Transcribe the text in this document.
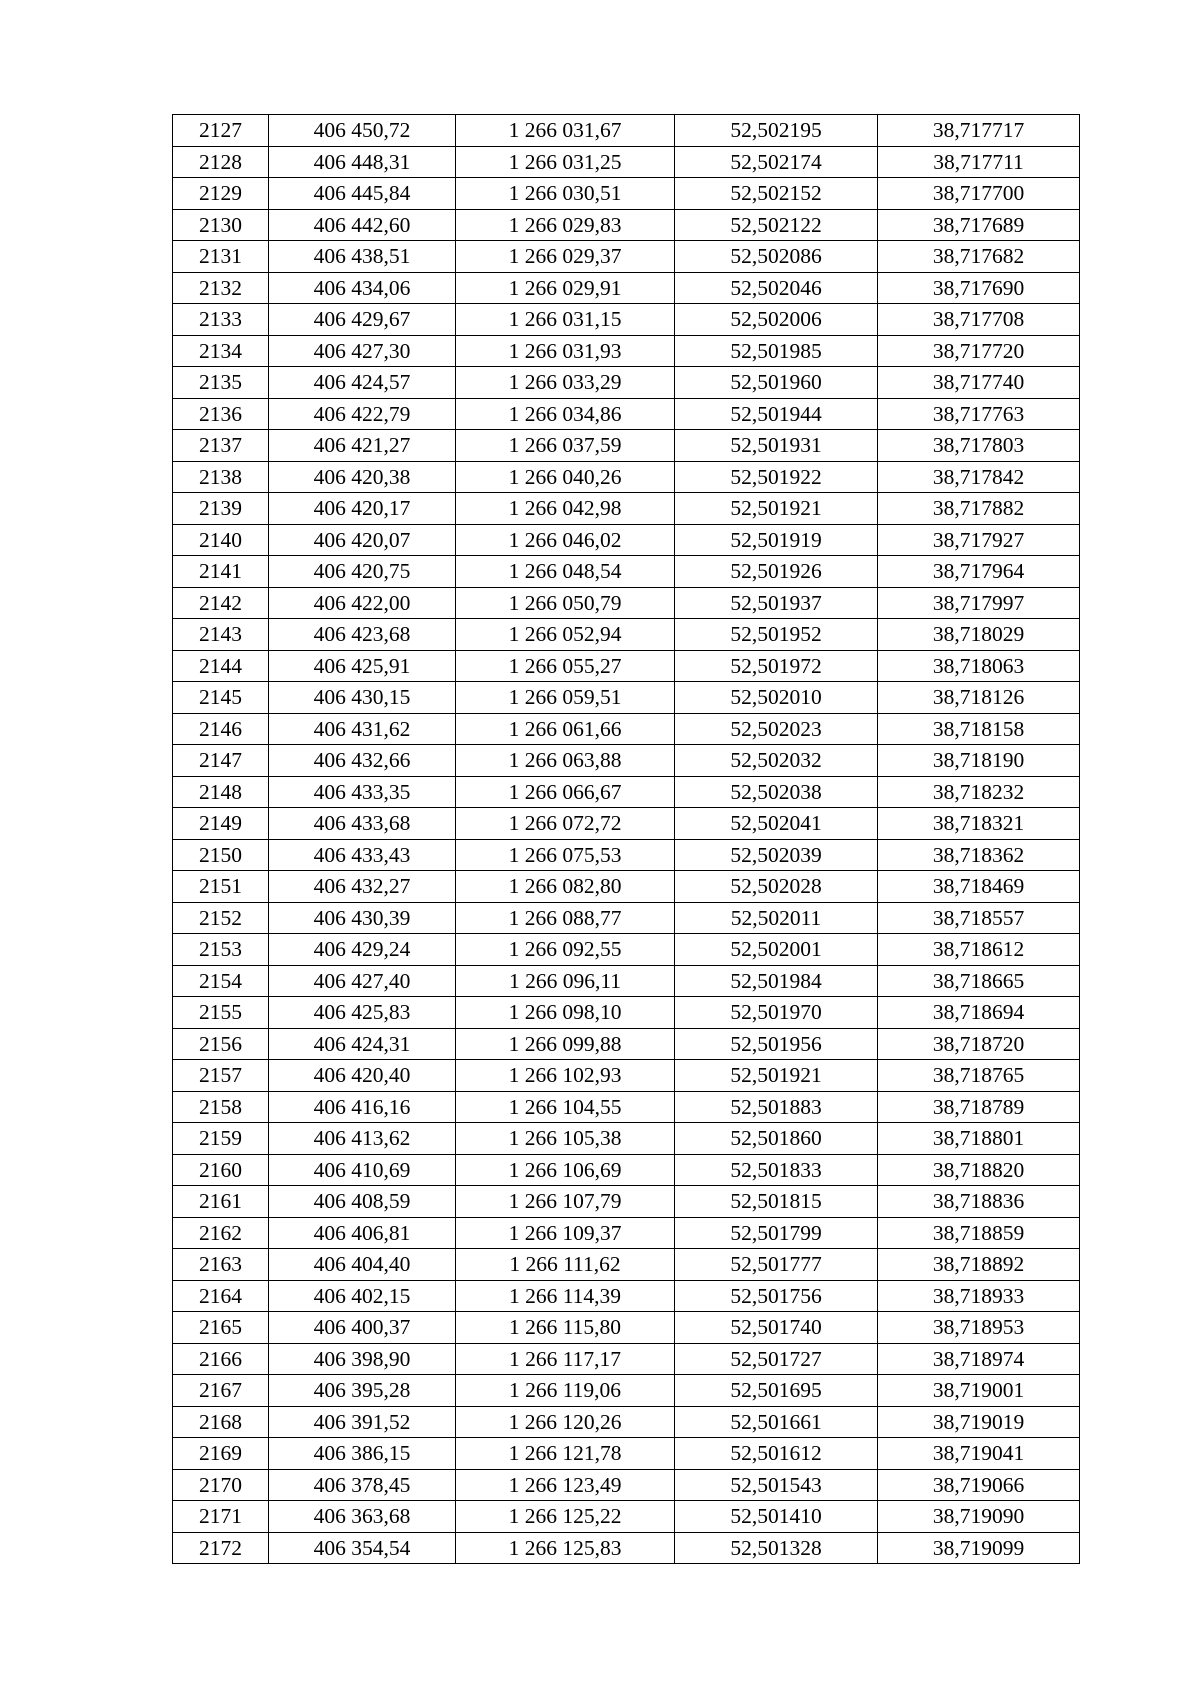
2127	406 450,72	1 266 031,67	52,502195	38,717717
2128	406 448,31	1 266 031,25	52,502174	38,717711
2129	406 445,84	1 266 030,51	52,502152	38,717700
2130	406 442,60	1 266 029,83	52,502122	38,717689
2131	406 438,51	1 266 029,37	52,502086	38,717682
2132	406 434,06	1 266 029,91	52,502046	38,717690
2133	406 429,67	1 266 031,15	52,502006	38,717708
2134	406 427,30	1 266 031,93	52,501985	38,717720
2135	406 424,57	1 266 033,29	52,501960	38,717740
2136	406 422,79	1 266 034,86	52,501944	38,717763
2137	406 421,27	1 266 037,59	52,501931	38,717803
2138	406 420,38	1 266 040,26	52,501922	38,717842
2139	406 420,17	1 266 042,98	52,501921	38,717882
2140	406 420,07	1 266 046,02	52,501919	38,717927
2141	406 420,75	1 266 048,54	52,501926	38,717964
2142	406 422,00	1 266 050,79	52,501937	38,717997
2143	406 423,68	1 266 052,94	52,501952	38,718029
2144	406 425,91	1 266 055,27	52,501972	38,718063
2145	406 430,15	1 266 059,51	52,502010	38,718126
2146	406 431,62	1 266 061,66	52,502023	38,718158
2147	406 432,66	1 266 063,88	52,502032	38,718190
2148	406 433,35	1 266 066,67	52,502038	38,718232
2149	406 433,68	1 266 072,72	52,502041	38,718321
2150	406 433,43	1 266 075,53	52,502039	38,718362
2151	406 432,27	1 266 082,80	52,502028	38,718469
2152	406 430,39	1 266 088,77	52,502011	38,718557
2153	406 429,24	1 266 092,55	52,502001	38,718612
2154	406 427,40	1 266 096,11	52,501984	38,718665
2155	406 425,83	1 266 098,10	52,501970	38,718694
2156	406 424,31	1 266 099,88	52,501956	38,718720
2157	406 420,40	1 266 102,93	52,501921	38,718765
2158	406 416,16	1 266 104,55	52,501883	38,718789
2159	406 413,62	1 266 105,38	52,501860	38,718801
2160	406 410,69	1 266 106,69	52,501833	38,718820
2161	406 408,59	1 266 107,79	52,501815	38,718836
2162	406 406,81	1 266 109,37	52,501799	38,718859
2163	406 404,40	1 266 111,62	52,501777	38,718892
2164	406 402,15	1 266 114,39	52,501756	38,718933
2165	406 400,37	1 266 115,80	52,501740	38,718953
2166	406 398,90	1 266 117,17	52,501727	38,718974
2167	406 395,28	1 266 119,06	52,501695	38,719001
2168	406 391,52	1 266 120,26	52,501661	38,719019
2169	406 386,15	1 266 121,78	52,501612	38,719041
2170	406 378,45	1 266 123,49	52,501543	38,719066
2171	406 363,68	1 266 125,22	52,501410	38,719090
2172	406 354,54	1 266 125,83	52,501328	38,719099
